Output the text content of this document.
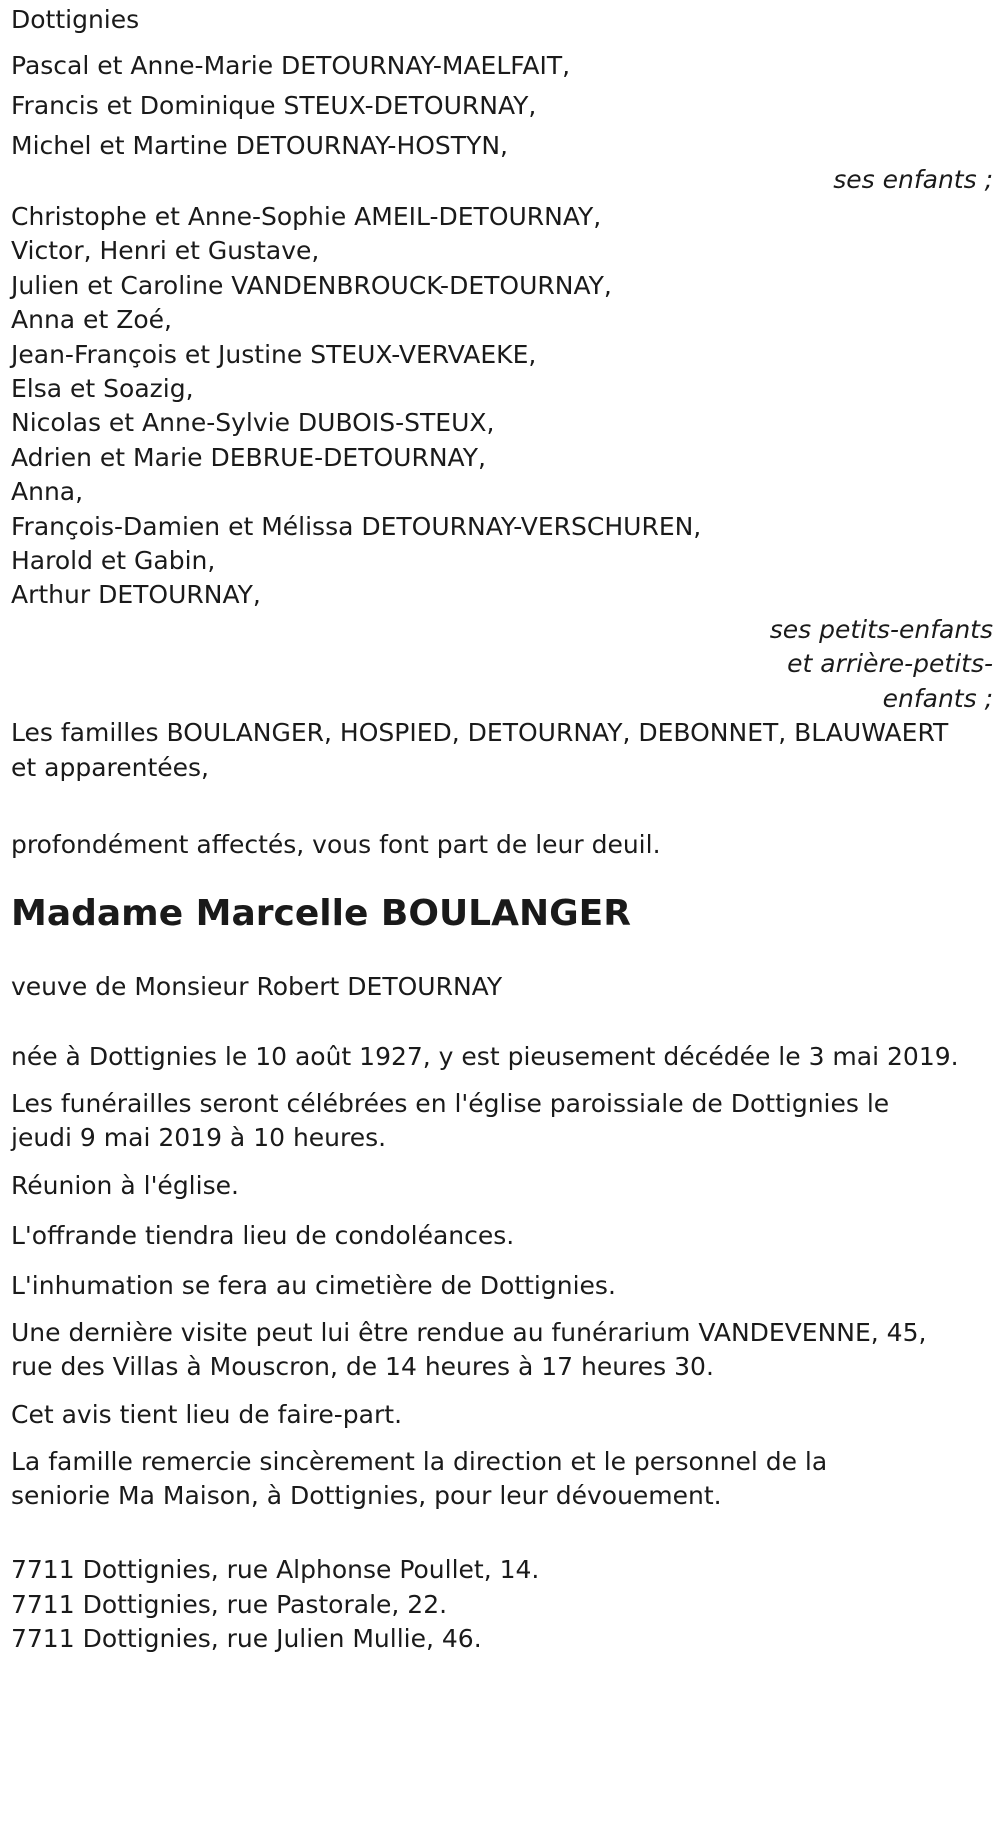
Dottignies
Pascal et Anne-Marie DETOURNAY-MAELFAIT,
Francis et Dominique STEUX-DETOURNAY,
Michel et Martine DETOURNAY-HOSTYN,
ses enfants ;
Christophe et Anne-Sophie AMEIL-DETOURNAY,
Victor, Henri et Gustave,
Julien et Caroline VANDENBROUCK-DETOURNAY,
Anna et Zoé,
Jean-François et Justine STEUX-VERVAEKE,
Elsa et Soazig,
Nicolas et Anne-Sylvie DUBOIS-STEUX,
Adrien et Marie DEBRUE-DETOURNAY,
Anna,
François-Damien et Mélissa DETOURNAY-VERSCHUREN,
Harold et Gabin,
Arthur DETOURNAY,
ses petits-enfants
et arrière-petits-
enfants ;
Les familles BOULANGER, HOSPIED, DETOURNAY, DEBONNET, BLAUWAERT
et apparentées,
profondément affectés, vous font part de leur deuil.
Madame Marcelle BOULANGER
veuve de Monsieur Robert DETOURNAY
née à Dottignies le 10 août 1927, y est pieusement décédée le 3 mai 2019.
Les funérailles seront célébrées en l'église paroissiale de Dottignies le
jeudi 9 mai 2019 à 10 heures.
Réunion à l'église.
L'offrande tiendra lieu de condoléances.
L'inhumation se fera au cimetière de Dottignies.
Une dernière visite peut lui être rendue au funérarium VANDEVENNE, 45,
rue des Villas à Mouscron, de 14 heures à 17 heures 30.
Cet avis tient lieu de faire-part.
La famille remercie sincèrement la direction et le personnel de la
seniorie Ma Maison, à Dottignies, pour leur dévouement.
7711 Dottignies, rue Alphonse Poullet, 14.
7711 Dottignies, rue Pastorale, 22.
7711 Dottignies, rue Julien Mullie, 46.
